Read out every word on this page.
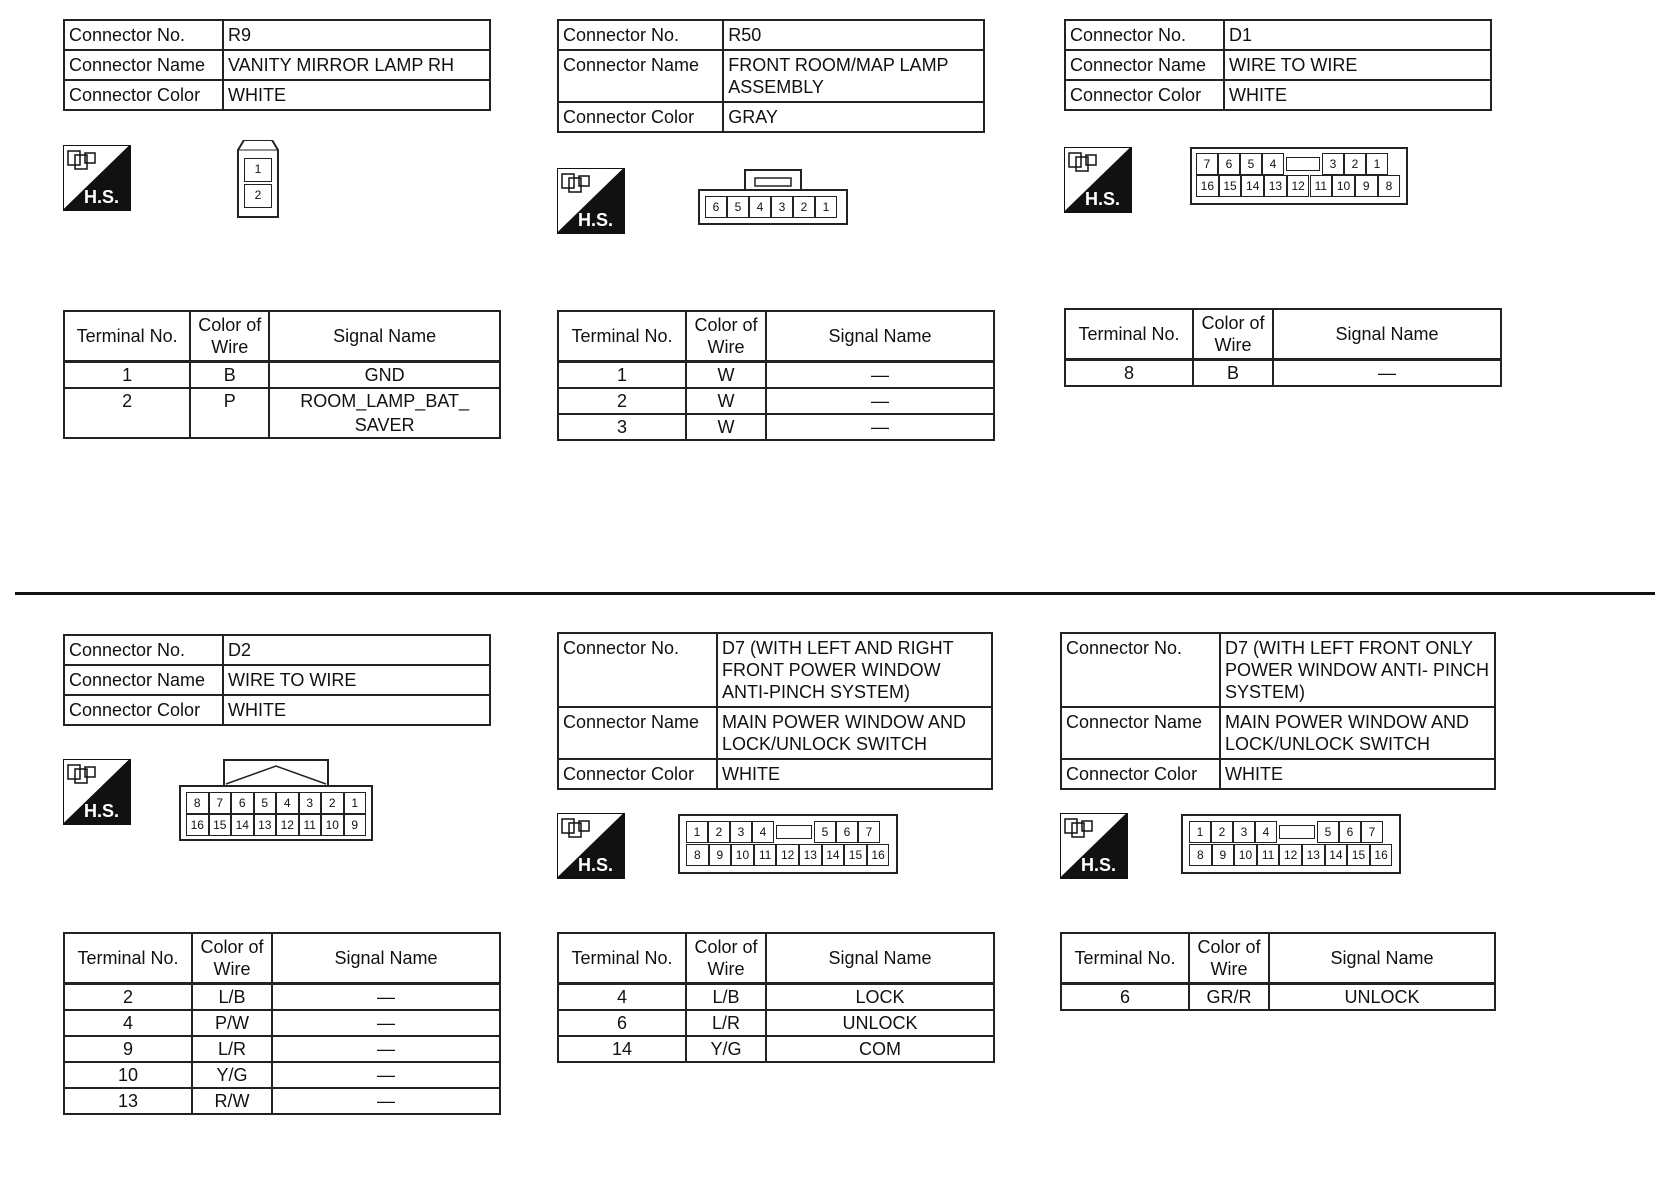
Connector No.	R9
Connector Name	VANITY MIRROR LAMP RH
Connector Color	WHITE
H.S.
1
2
Terminal No.	Color of Wire	Signal Name
1	B	GND
2	P	ROOM_LAMP_BAT_ SAVER
Connector No.	R50
Connector Name	FRONT ROOM/MAP LAMP ASSEMBLY
Connector Color	GRAY
H.S.
6	5	4	3	2	1
Terminal No.	Color of Wire	Signal Name
1	W	—
2	W	—
3	W	—
Connector No.	D1
Connector Name	WIRE TO WIRE
Connector Color	WHITE
H.S.
7	6	5	4	3	2	1
16 15 14 13 12 11 10	9	8
Terminal No.	Color of Wire	Signal Name
8	B	—
Connector No.	D2
Connector Name	WIRE TO WIRE
Connector Color	WHITE
H.S.	8	7	6	5	4	3	2	1
16 15 14 13 12 11 10	9
Terminal No.	Color of Wire	Signal Name
2	L/B	—
4	P/W	—
9	L/R	—
10	Y/G	—
13	R/W	—
Connector No.	D7 (WITH LEFT AND RIGHT FRONT POWER WINDOW ANTI-PINCH SYSTEM)
Connector Name	MAIN POWER WINDOW AND LOCK/UNLOCK SWITCH
Connector Color	WHITE
H.S.
1	2	3	4	5	6	7
8	9	10 11 12 13 14 15 16
Terminal No.	Color of Wire	Signal Name
4	L/B	LOCK
6	L/R	UNLOCK
14	Y/G	COM
Connector No.	D7 (WITH LEFT FRONT ONLY POWER WINDOW ANTI- PINCH SYSTEM)
Connector Name	MAIN POWER WINDOW AND LOCK/UNLOCK SWITCH
Connector Color	WHITE
H.S.
1	2	3	4	5	6	7
8	9	10 11 12 13 14 15 16
Terminal No.	Color of Wire	Signal Name
6	GR/R	UNLOCK
